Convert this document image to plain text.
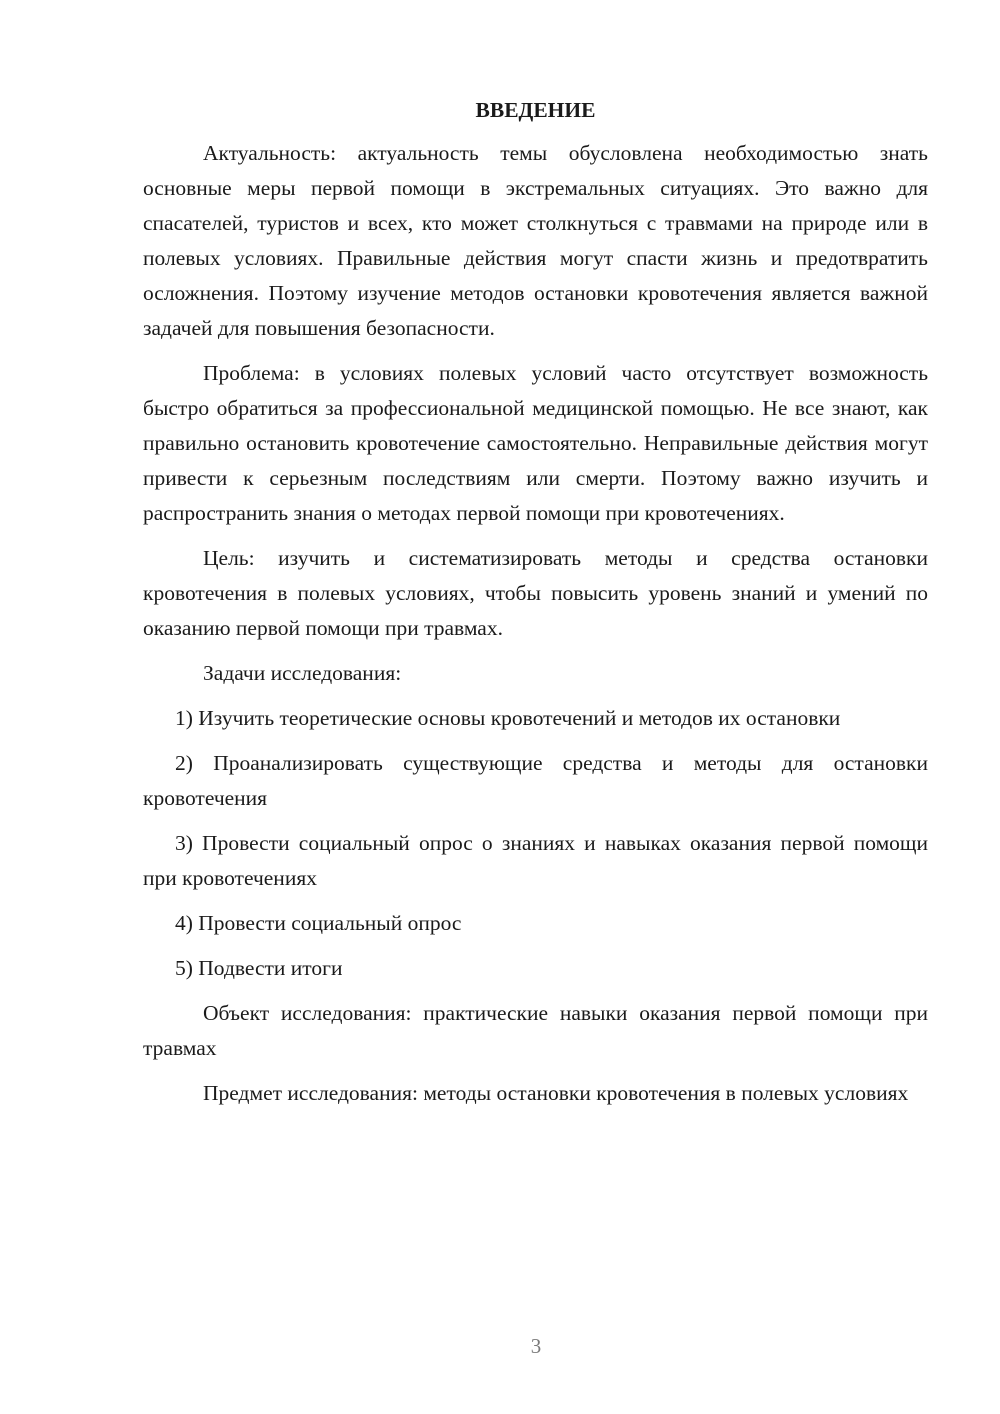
ВВЕДЕНИЕ

Актуальность: актуальность темы обусловлена необходимостью знать основные меры первой помощи в экстремальных ситуациях. Это важно для спасателей, туристов и всех, кто может столкнуться с травмами на природе или в полевых условиях. Правильные действия могут спасти жизнь и предотвратить осложнения. Поэтому изучение методов остановки кровотечения является важной задачей для повышения безопасности.

Проблема: в условиях полевых условий часто отсутствует возможность быстро обратиться за профессиональной медицинской помощью. Не все знают, как правильно остановить кровотечение самостоятельно. Неправильные действия могут привести к серьезным последствиям или смерти. Поэтому важно изучить и распространить знания о методах первой помощи при кровотечениях.

Цель: изучить и систематизировать методы и средства остановки кровотечения в полевых условиях, чтобы повысить уровень знаний и умений по оказанию первой помощи при травмах.

Задачи исследования:

1) Изучить теоретические основы кровотечений и методов их остановки

2) Проанализировать существующие средства и методы для остановки кровотечения

3) Провести социальный опрос о знаниях и навыках оказания первой помощи при кровотечениях

4) Провести социальный опрос

5) Подвести итоги

Объект исследования: практические навыки оказания первой помощи при травмах

Предмет исследования: методы остановки кровотечения в полевых условиях

3
